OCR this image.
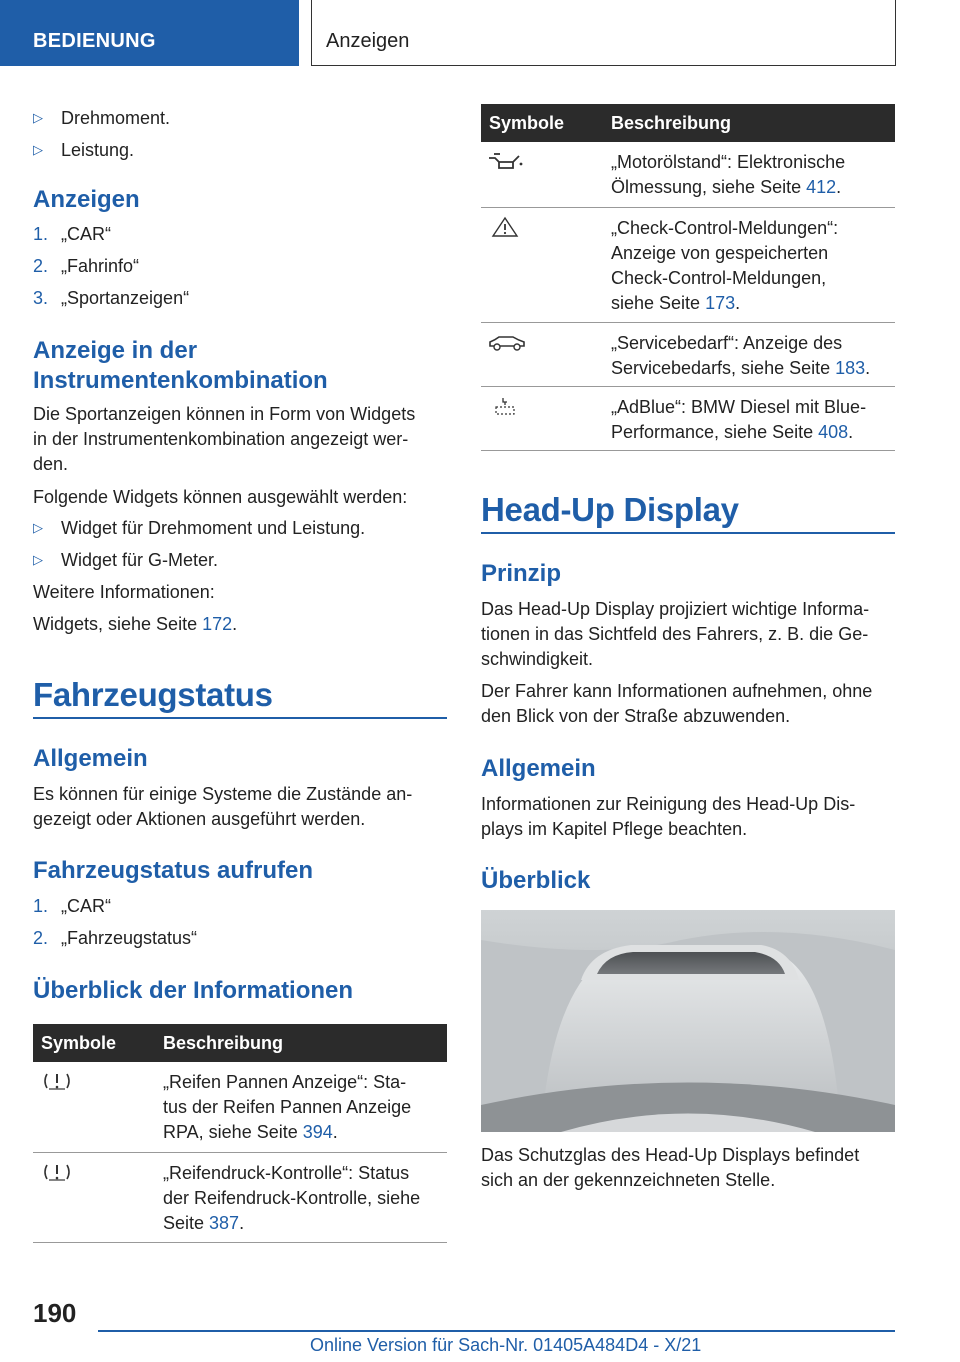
BEDIENUNG	Anzeigen
▷ Drehmoment.
▷ Leistung.
Anzeigen
1. „CAR“
2. „Fahrinfo“
3. „Sportanzeigen“
Anzeige in der
Instrumentenkombination
Die Sportanzeigen können in Form von Widgets
in der Instrumentenkombination angezeigt wer-
den.
Folgende Widgets können ausgewählt werden:
▷ Widget für Drehmoment und Leistung.
▷ Widget für G-Meter.
Weitere Informationen:
Widgets, siehe Seite 172.
Fahrzeugstatus
Allgemein
Es können für einige Systeme die Zustände an-
gezeigt oder Aktionen ausgeführt werden.
Fahrzeugstatus aufrufen
1. „CAR“
2. „Fahrzeugstatus“
Überblick der Informationen
Symbole	Beschreibung
„Reifen Pannen Anzeige“: Sta-
tus der Reifen Pannen Anzeige
RPA, siehe Seite 394.
„Reifendruck-Kontrolle“: Status
der Reifendruck-Kontrolle, siehe
Seite 387.
Symbole	Beschreibung
„Motorölstand“: Elektronische
Ölmessung, siehe Seite 412.
„Check-Control-Meldungen“:
Anzeige von gespeicherten
Check-Control-Meldungen,
siehe Seite 173.
„Servicebedarf“: Anzeige des
Servicebedarfs, siehe Seite 183.
„AdBlue“: BMW Diesel mit Blue-
Performance, siehe Seite 408.
Head-Up Display
Prinzip
Das Head-Up Display projiziert wichtige Informa-
tionen in das Sichtfeld des Fahrers, z. B. die Ge-
schwindigkeit.
Der Fahrer kann Informationen aufnehmen, ohne
den Blick von der Straße abzuwenden.
Allgemein
Informationen zur Reinigung des Head-Up Dis-
plays im Kapitel Pflege beachten.
Überblick
Das Schutzglas des Head-Up Displays befindet
sich an der gekennzeichneten Stelle.
190
Online Version für Sach-Nr. 01405A484D4 - X/21
